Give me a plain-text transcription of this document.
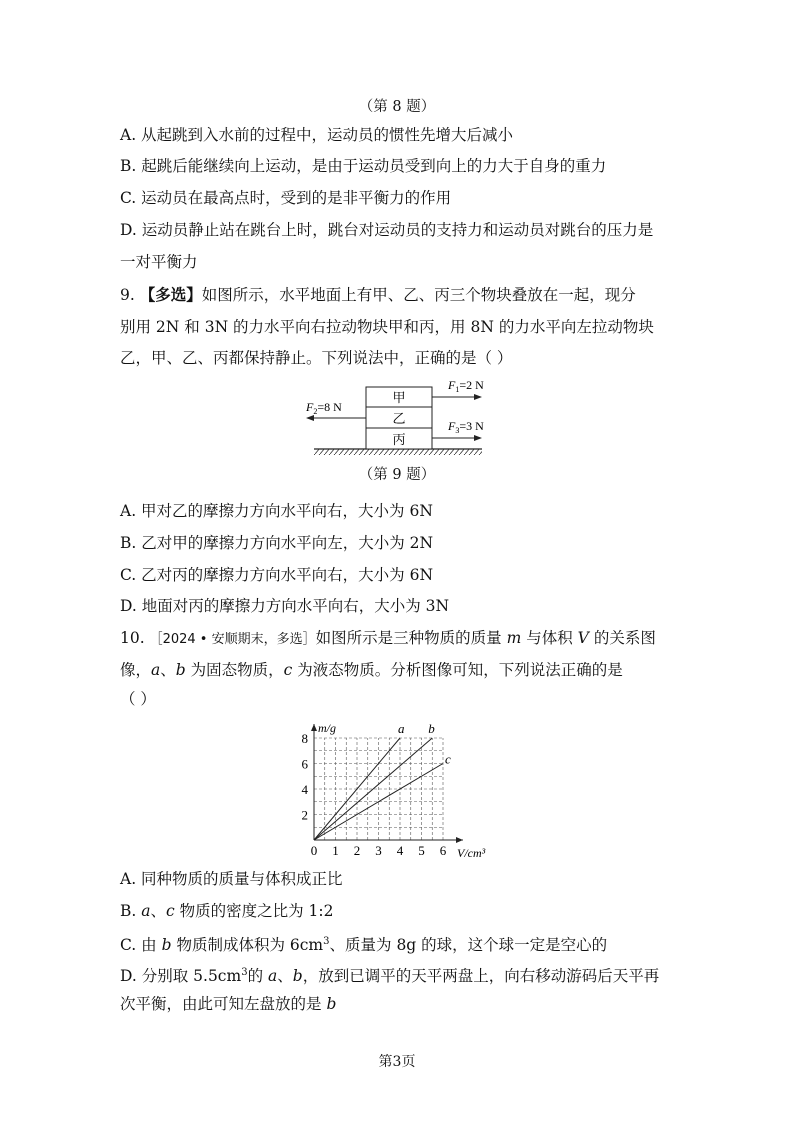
（第 8 题）
A. 从起跳到入水前的过程中，运动员的惯性先增大后减小
B. 起跳后能继续向上运动，是由于运动员受到向上的力大于自身的重力
C. 运动员在最高点时，受到的是非平衡力的作用
D. 运动员静止站在跳台上时，跳台对运动员的支持力和运动员对跳台的压力是
一对平衡力
9. 【多选】如图所示，水平地面上有甲、乙、丙三个物块叠放在一起，现分
别用 2N 和 3N 的力水平向右拉动物块甲和丙，用 8N 的力水平向左拉动物块
乙，甲、乙、丙都保持静止。下列说法中，正确的是（ ）
甲
乙
丙
$F_1=2$ N
$F_2=8$ N
$F_3=3$ N
（第 9 题）
A. 甲对乙的摩擦力方向水平向右，大小为 6N
B. 乙对甲的摩擦力方向水平向左，大小为 2N
C. 乙对丙的摩擦力方向水平向右，大小为 6N
D. 地面对丙的摩擦力方向水平向右，大小为 3N
10. ［2024 • 安顺期末，多选］如图所示是三种物质的质量 m 与体积 V 的关系图
像，a、b 为固态物质，c 为液态物质。分析图像可知，下列说法正确的是
（ ）
0 1 2 3 4 5 6
2
4
6
8
m/g
V/cm³
a b
c
A. 同种物质的质量与体积成正比
B. a、c 物质的密度之比为 1:2
C. 由 b 物质制成体积为 $6cm^3$、质量为 8g 的球，这个球一定是空心的
D. 分别取 $5.5cm^3$的 a、b，放到已调平的天平两盘上，向右移动游码后天平再
次平衡，由此可知左盘放的是 b
第3页
